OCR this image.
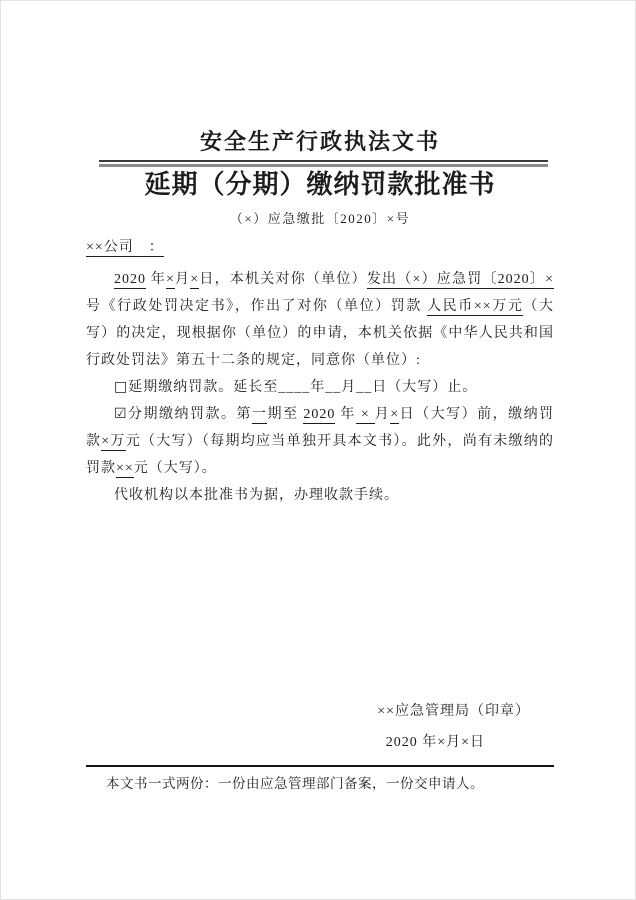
安全生产行政执法文书
延期（分期）缴纳罚款批准书
（×）应急缴批〔2020〕×号
××公司　：

2020 年×月×日，本机关对你（单位）发出（×）应急罚〔2020〕×号《行政处罚决定书》，作出了对你（单位）罚款 人民币××万元（大写）的决定，现根据你（单位）的申请，本机关依据《中华人民共和国行政处罚法》第五十二条的规定，同意你（单位）:

□延期缴纳罚款。延长至____年__月__日（大写）止。

☑分期缴纳罚款。第一期至 2020 年 × 月×日（大写）前，缴纳罚款×万元（大写）（每期均应当单独开具本文书）。此外，尚有未缴纳的罚款××元（大写）。

代收机构以本批准书为据，办理收款手续。

××应急管理局（印章）
2020 年×月×日
本文书一式两份：一份由应急管理部门备案，一份交申请人。
